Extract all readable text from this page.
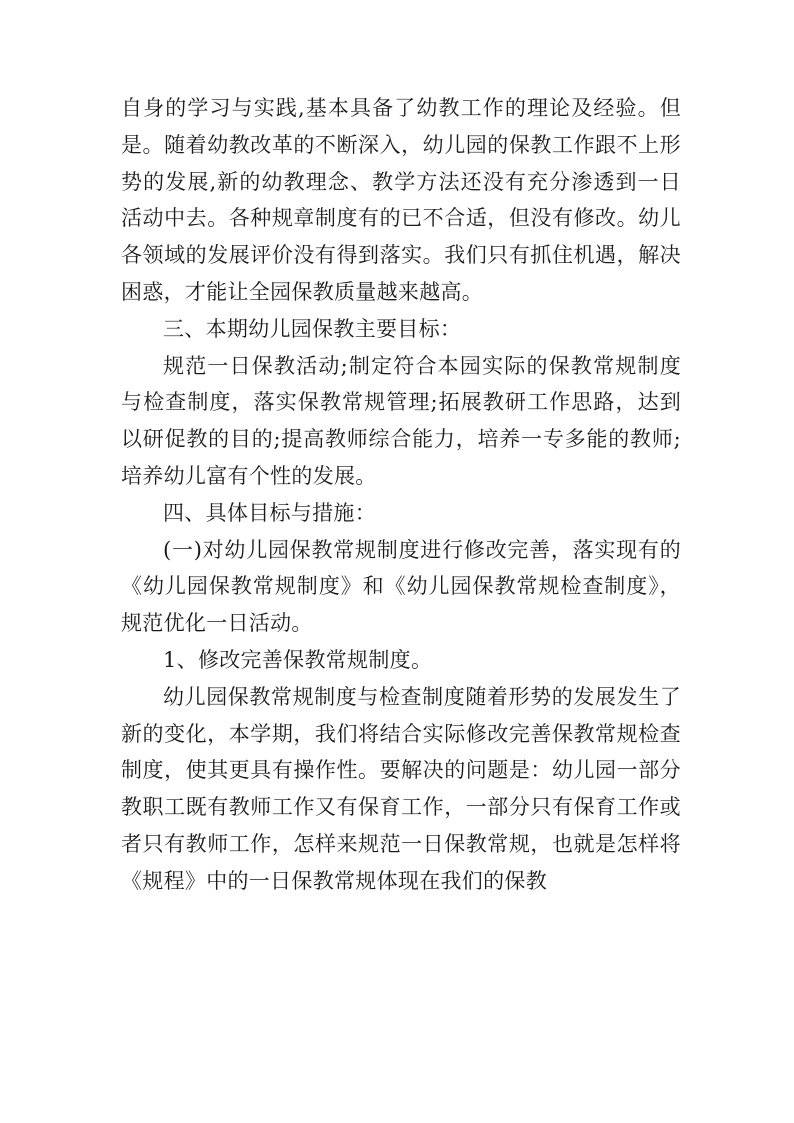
自身的学习与实践,基本具备了幼教工作的理论及经验。但是。随着幼教改革的不断深入，幼儿园的保教工作跟不上形势的发展,新的幼教理念、教学方法还没有充分渗透到一日活动中去。各种规章制度有的已不合适，但没有修改。幼儿各领域的发展评价没有得到落实。我们只有抓住机遇，解决困惑，才能让全园保教质量越来越高。

三、本期幼儿园保教主要目标：

规范一日保教活动;制定符合本园实际的保教常规制度与检查制度，落实保教常规管理;拓展教研工作思路，达到以研促教的目的;提高教师综合能力，培养一专多能的教师;培养幼儿富有个性的发展。

四、具体目标与措施：

(一)对幼儿园保教常规制度进行修改完善，落实现有的《幼儿园保教常规制度》和《幼儿园保教常规检查制度》，规范优化一日活动。

1、修改完善保教常规制度。

幼儿园保教常规制度与检查制度随着形势的发展发生了新的变化，本学期，我们将结合实际修改完善保教常规检查制度，使其更具有操作性。要解决的问题是：幼儿园一部分教职工既有教师工作又有保育工作，一部分只有保育工作或者只有教师工作，怎样来规范一日保教常规，也就是怎样将《规程》中的一日保教常规体现在我们的保教
